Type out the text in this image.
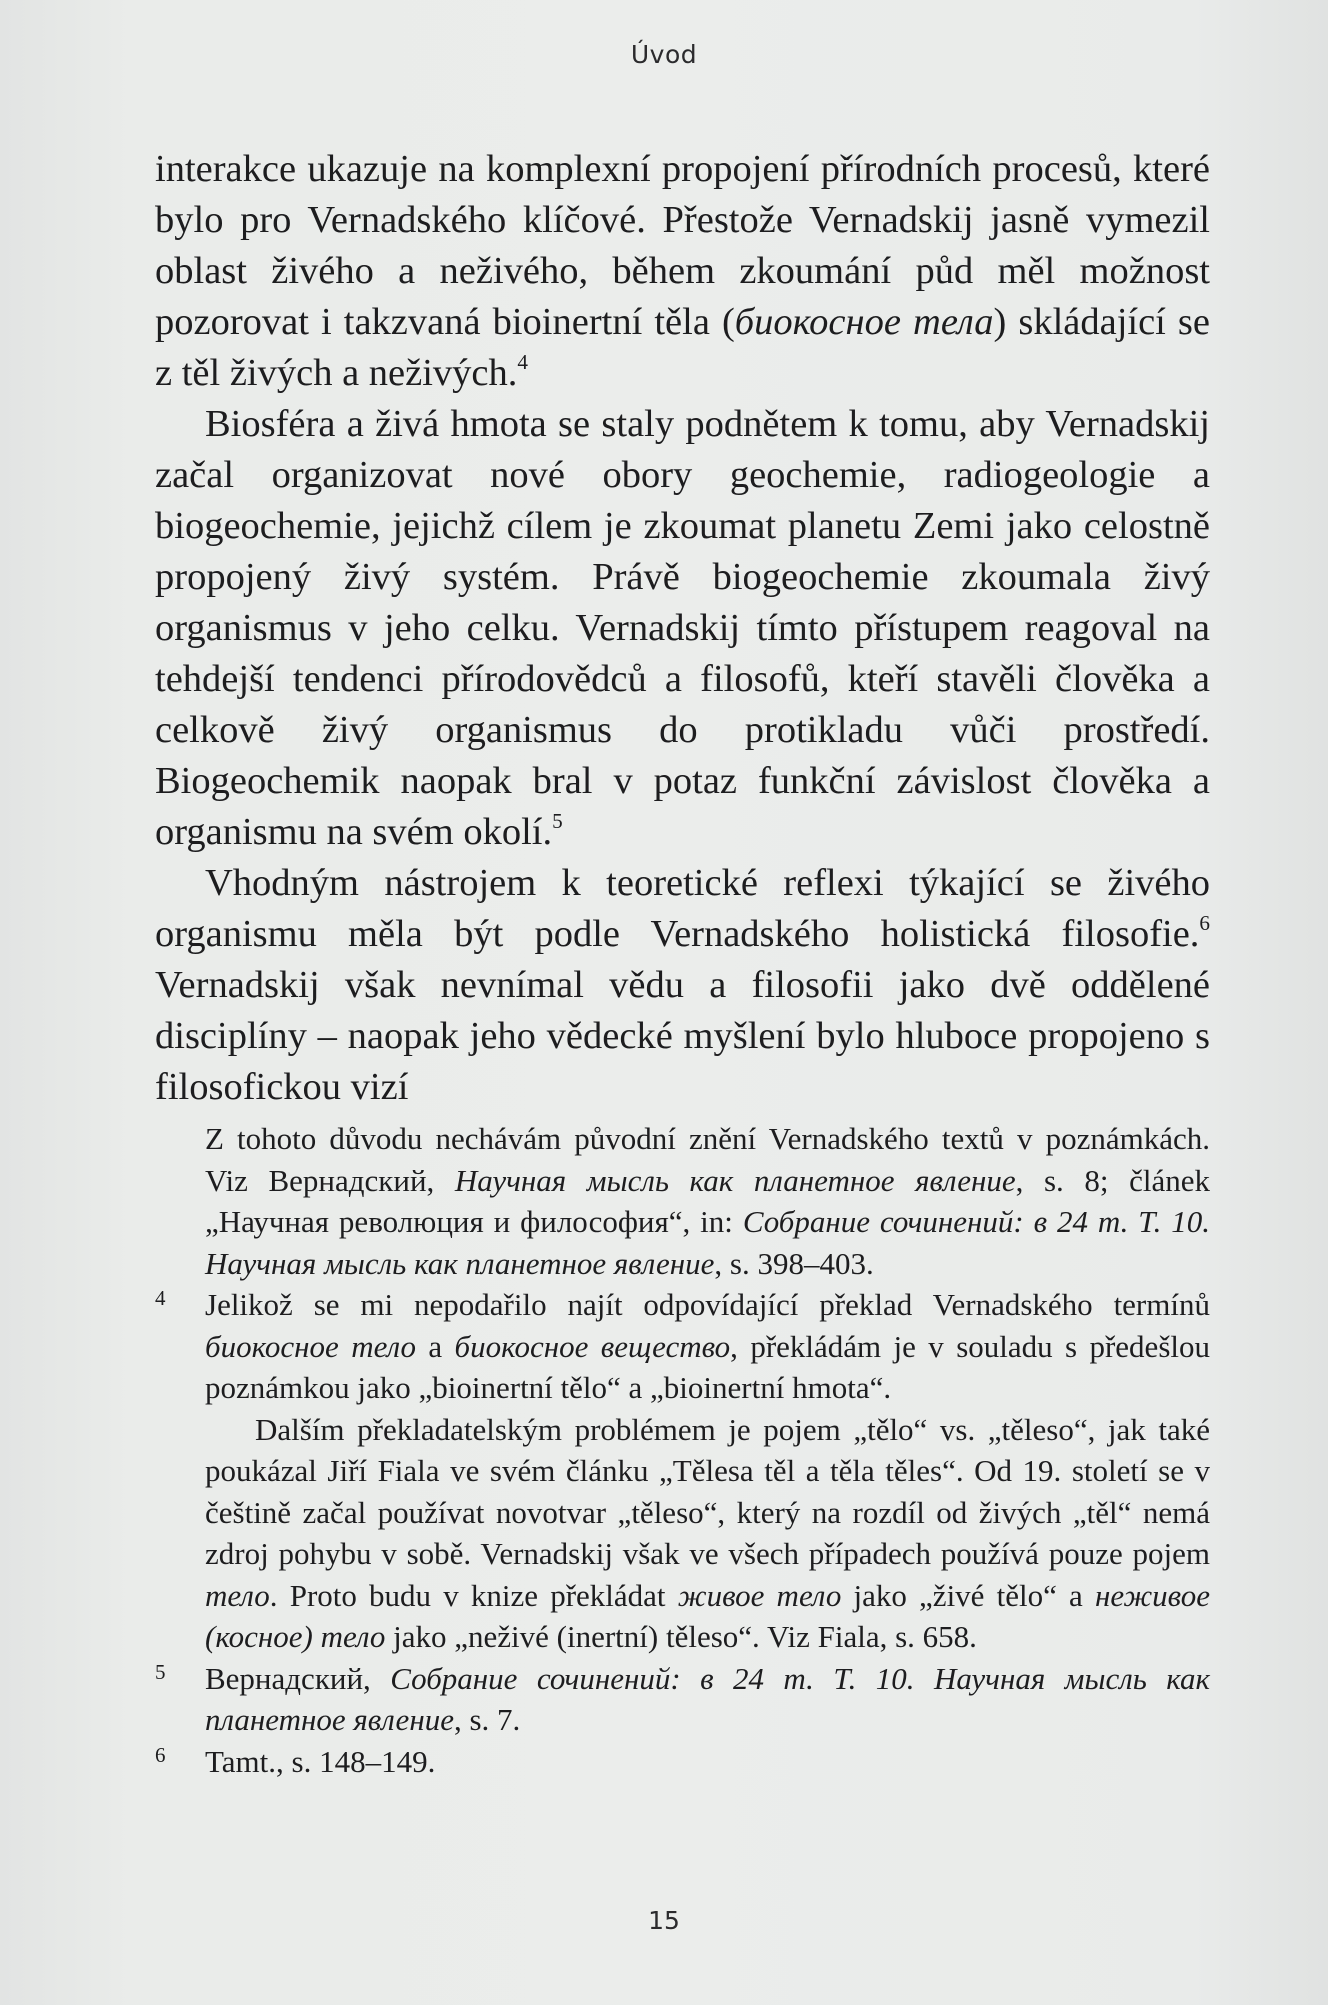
Úvod

interakce ukazuje na komplexní propojení přírodních procesů, které bylo pro Vernadského klíčové. Přestože Vernadskij jasně vymezil oblast živého a neživého, během zkoumání půd měl možnost pozorovat i takzvaná bioinertní těla (биокосное тела) skládající se z těl živých a neživých.$^4$

Biosféra a živá hmota se staly podnětem k tomu, aby Vernadskij začal organizovat nové obory geochemie, radiogeologie a biogeochemie, jejichž cílem je zkoumat planetu Zemi jako celostně propojený živý systém. Právě biogeochemie zkoumala živý organismus v jeho celku. Vernadskij tímto přístupem reagoval na tehdejší tendenci přírodovědců a filosofů, kteří stavěli člověka a celkově živý organismus do protikladu vůči prostředí. Biogeochemik naopak bral v potaz funkční závislost člověka a organismu na svém okolí.$^5$

Vhodným nástrojem k teoretické reflexi týkající se živého organismu měla být podle Vernadského holistická filosofie.$^6$ Vernadskij však nevnímal vědu a filosofii jako dvě oddělené disciplíny – naopak jeho vědecké myšlení bylo hluboce propojeno s filosofickou vizí

Z tohoto důvodu nechávám původní znění Vernadského textů v poznámkách. Viz Вернадский, Научная мысль как планетное явление, s. 8; článek „Научная революция и философия“, in: Собрание сочинений: в 24 т. Т. 10. Научная мысль как планетное явление, s. 398–403.

4 Jelikož se mi nepodařilo najít odpovídající překlad Vernadského termínů биокосное тело a биокосное вещество, překládám je v souladu s předešlou poznámkou jako „bioinertní tělo“ a „bioinertní hmota“.

Dalším překladatelským problémem je pojem „tělo“ vs. „těleso“, jak také poukázal Jiří Fiala ve svém článku „Tělesa těl a těla těles“. Od 19. století se v češtině začal používat novotvar „těleso“, který na rozdíl od živých „těl“ nemá zdroj pohybu v sobě. Vernadskij však ve všech případech používá pouze pojem тело. Proto budu v knize překládat живое тело jako „živé tělo“ a неживое (косное) тело jako „neživé (inertní) těleso“. Viz Fiala, s. 658.

5 Вернадский, Собрание сочинений: в 24 т. Т. 10. Научная мысль как планетное явление, s. 7.

6 Tamt., s. 148–149.

15
